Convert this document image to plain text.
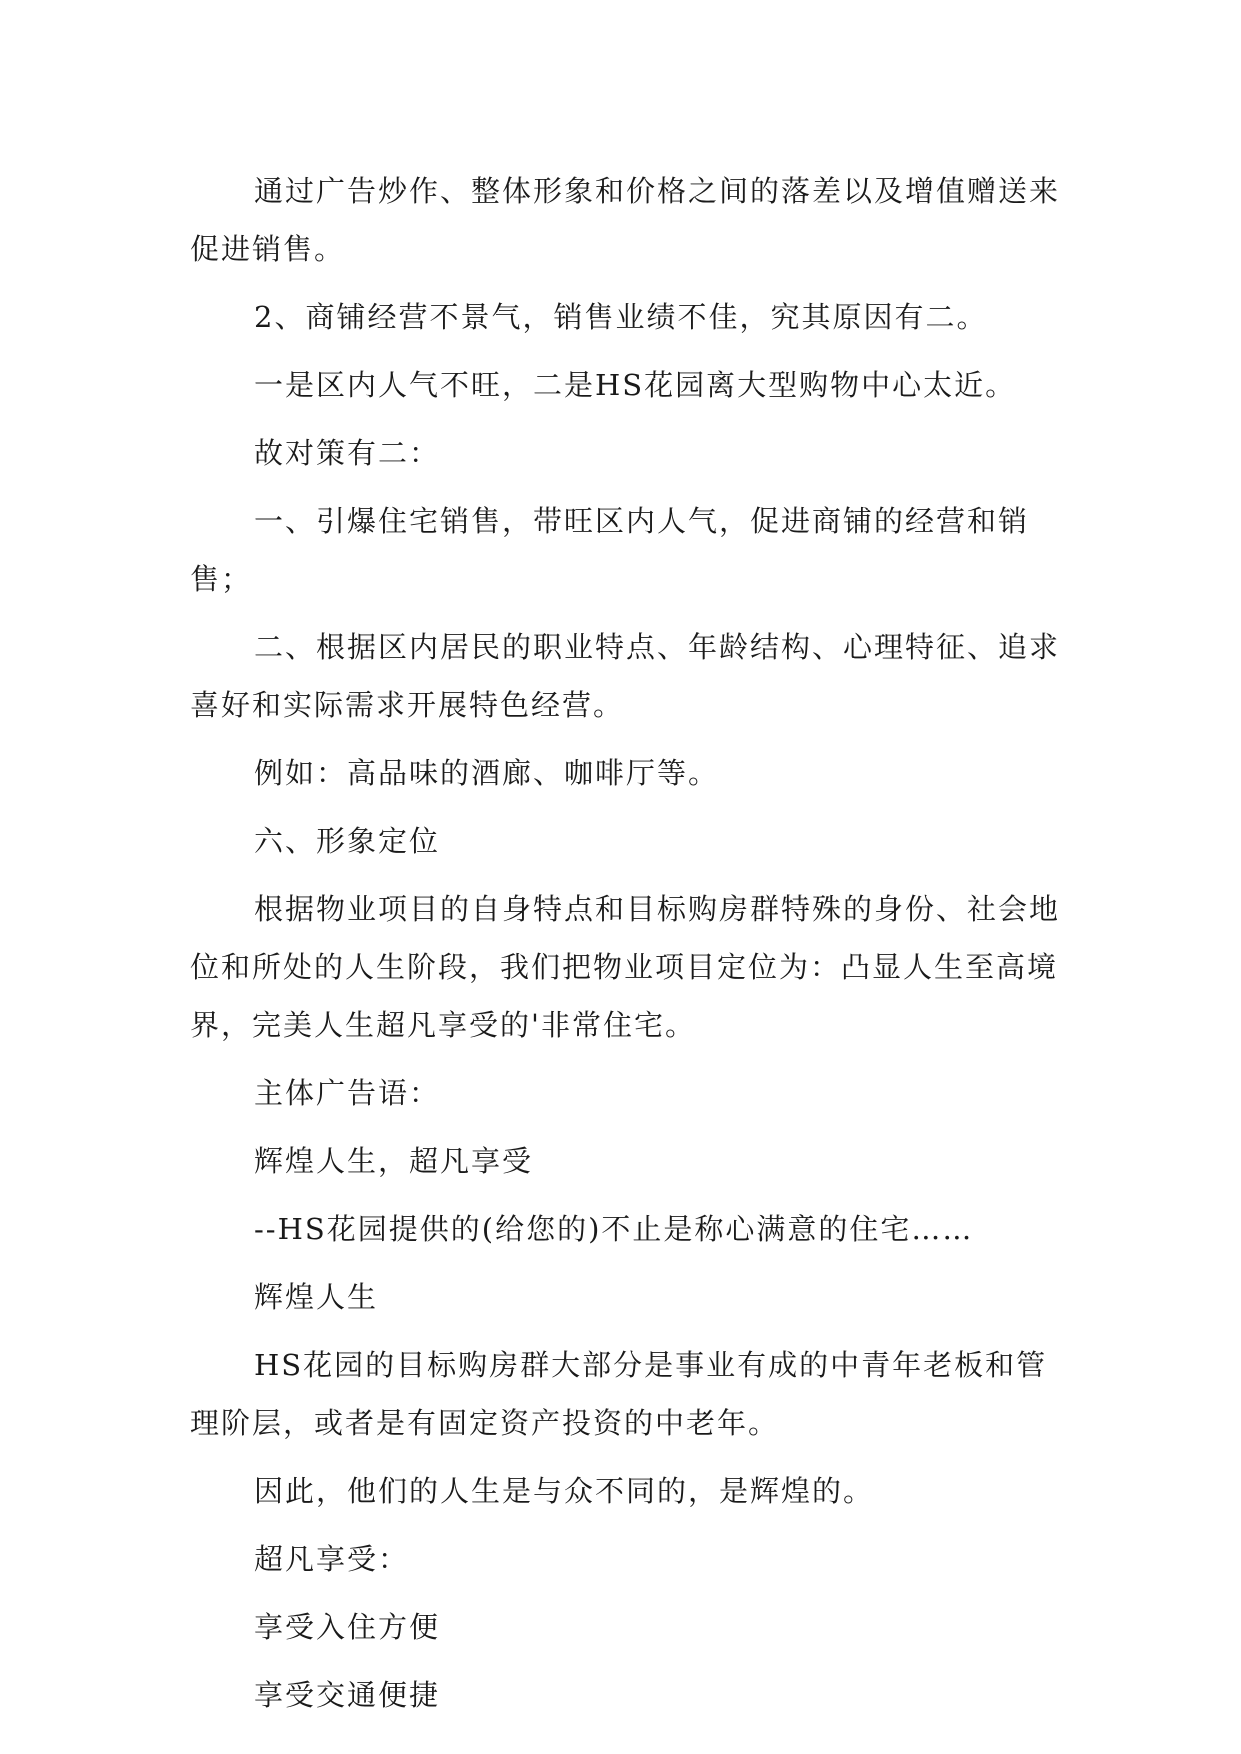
通过广告炒作、整体形象和价格之间的落差以及增值赠送来促进销售。

2、商铺经营不景气，销售业绩不佳，究其原因有二。

一是区内人气不旺，二是HS花园离大型购物中心太近。

故对策有二：

一、引爆住宅销售，带旺区内人气，促进商铺的经营和销售；

二、根据区内居民的职业特点、年龄结构、心理特征、追求喜好和实际需求开展特色经营。

例如：高品味的酒廊、咖啡厅等。

六、形象定位

根据物业项目的自身特点和目标购房群特殊的身份、社会地位和所处的人生阶段，我们把物业项目定位为：凸显人生至高境界，完美人生超凡享受的'非常住宅。

主体广告语：

辉煌人生，超凡享受

--HS花园提供的(给您的)不止是称心满意的住宅……

辉煌人生

HS花园的目标购房群大部分是事业有成的中青年老板和管理阶层，或者是有固定资产投资的中老年。

因此，他们的人生是与众不同的，是辉煌的。

超凡享受：

享受入住方便

享受交通便捷
